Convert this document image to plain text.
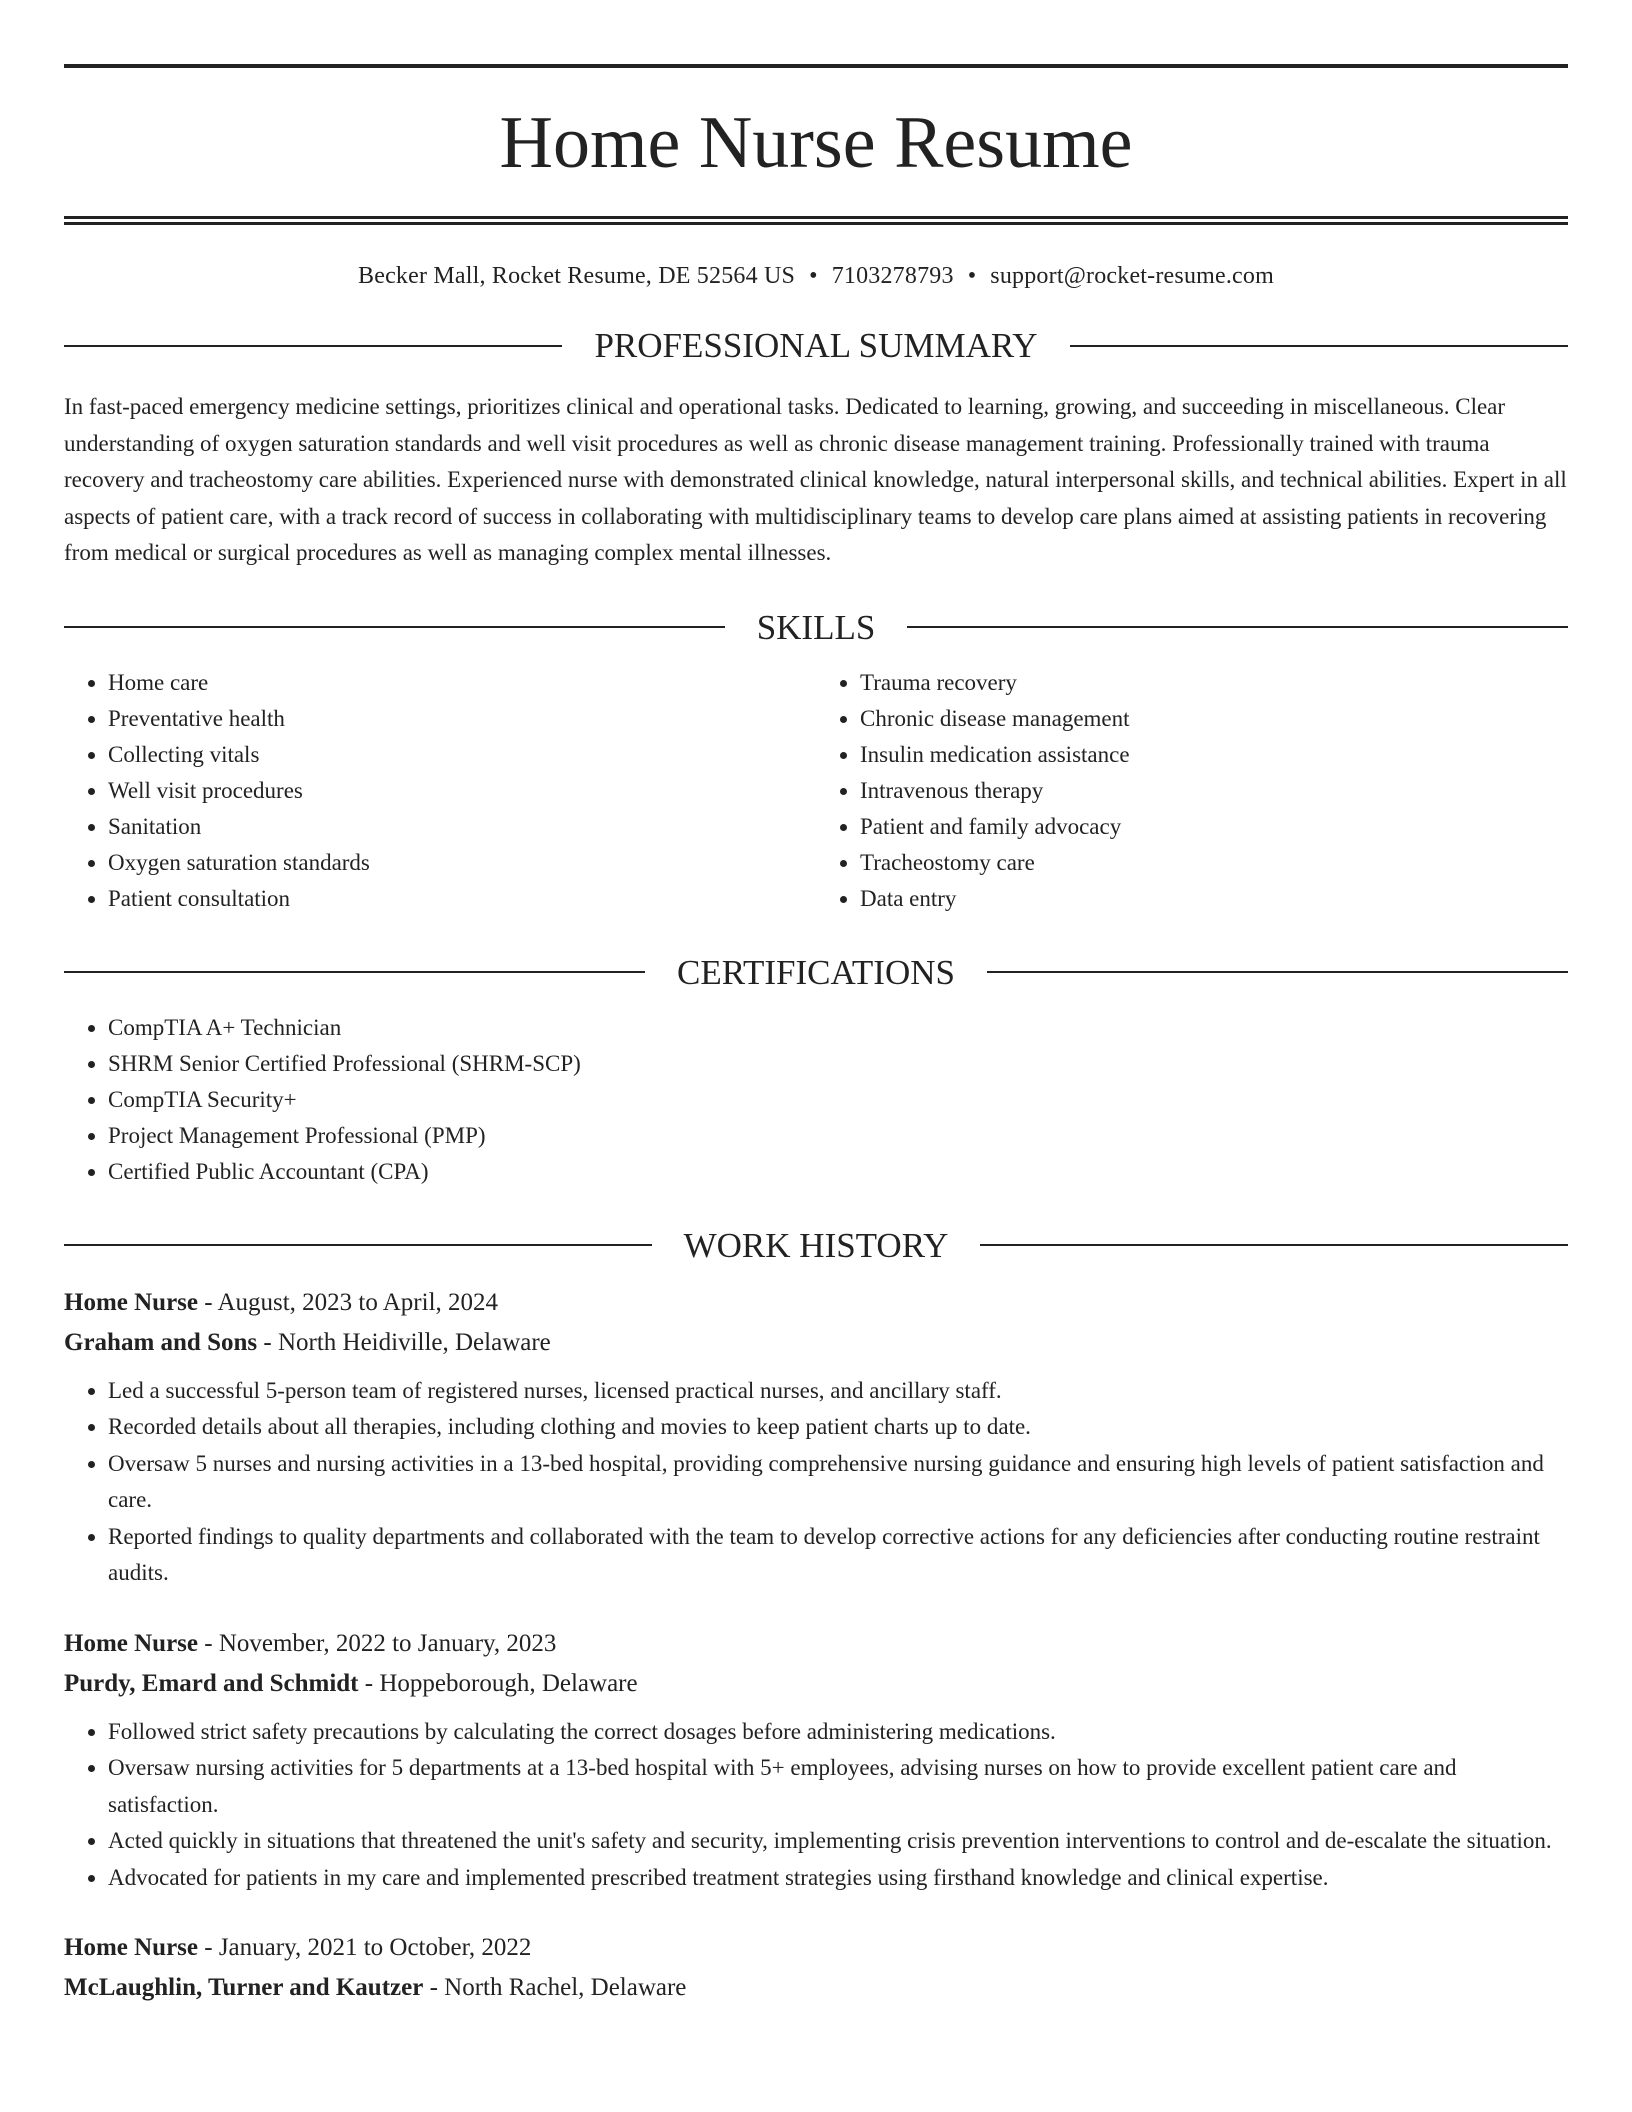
Home Nurse Resume
Becker Mall, Rocket Resume, DE 52564 US • 7103278793 • support@rocket-resume.com
PROFESSIONAL SUMMARY

In fast-paced emergency medicine settings, prioritizes clinical and operational tasks. Dedicated to learning, growing, and succeeding in miscellaneous. Clear understanding of oxygen saturation standards and well visit procedures as well as chronic disease management training. Professionally trained with trauma recovery and tracheostomy care abilities. Experienced nurse with demonstrated clinical knowledge, natural interpersonal skills, and technical abilities. Expert in all aspects of patient care, with a track record of success in collaborating with multidisciplinary teams to develop care plans aimed at assisting patients in recovering from medical or surgical procedures as well as managing complex mental illnesses.

SKILLS
• Home care
• Preventative health
• Collecting vitals
• Well visit procedures
• Sanitation
• Oxygen saturation standards
• Patient consultation
• Trauma recovery
• Chronic disease management
• Insulin medication assistance
• Intravenous therapy
• Patient and family advocacy
• Tracheostomy care
• Data entry
CERTIFICATIONS
• CompTIA A+ Technician
• SHRM Senior Certified Professional (SHRM-SCP)
• CompTIA Security+
• Project Management Professional (PMP)
• Certified Public Accountant (CPA)
WORK HISTORY
Home Nurse - August, 2023 to April, 2024
Graham and Sons - North Heidiville, Delaware
• Led a successful 5-person team of registered nurses, licensed practical nurses, and ancillary staff.
• Recorded details about all therapies, including clothing and movies to keep patient charts up to date.
• Oversaw 5 nurses and nursing activities in a 13-bed hospital, providing comprehensive nursing guidance and ensuring high levels of patient satisfaction and care.
• Reported findings to quality departments and collaborated with the team to develop corrective actions for any deficiencies after conducting routine restraint audits.
Home Nurse - November, 2022 to January, 2023
Purdy, Emard and Schmidt - Hoppeborough, Delaware
• Followed strict safety precautions by calculating the correct dosages before administering medications.
• Oversaw nursing activities for 5 departments at a 13-bed hospital with 5+ employees, advising nurses on how to provide excellent patient care and satisfaction.
• Acted quickly in situations that threatened the unit's safety and security, implementing crisis prevention interventions to control and de-escalate the situation.
• Advocated for patients in my care and implemented prescribed treatment strategies using firsthand knowledge and clinical expertise.
Home Nurse - January, 2021 to October, 2022
McLaughlin, Turner and Kautzer - North Rachel, Delaware
